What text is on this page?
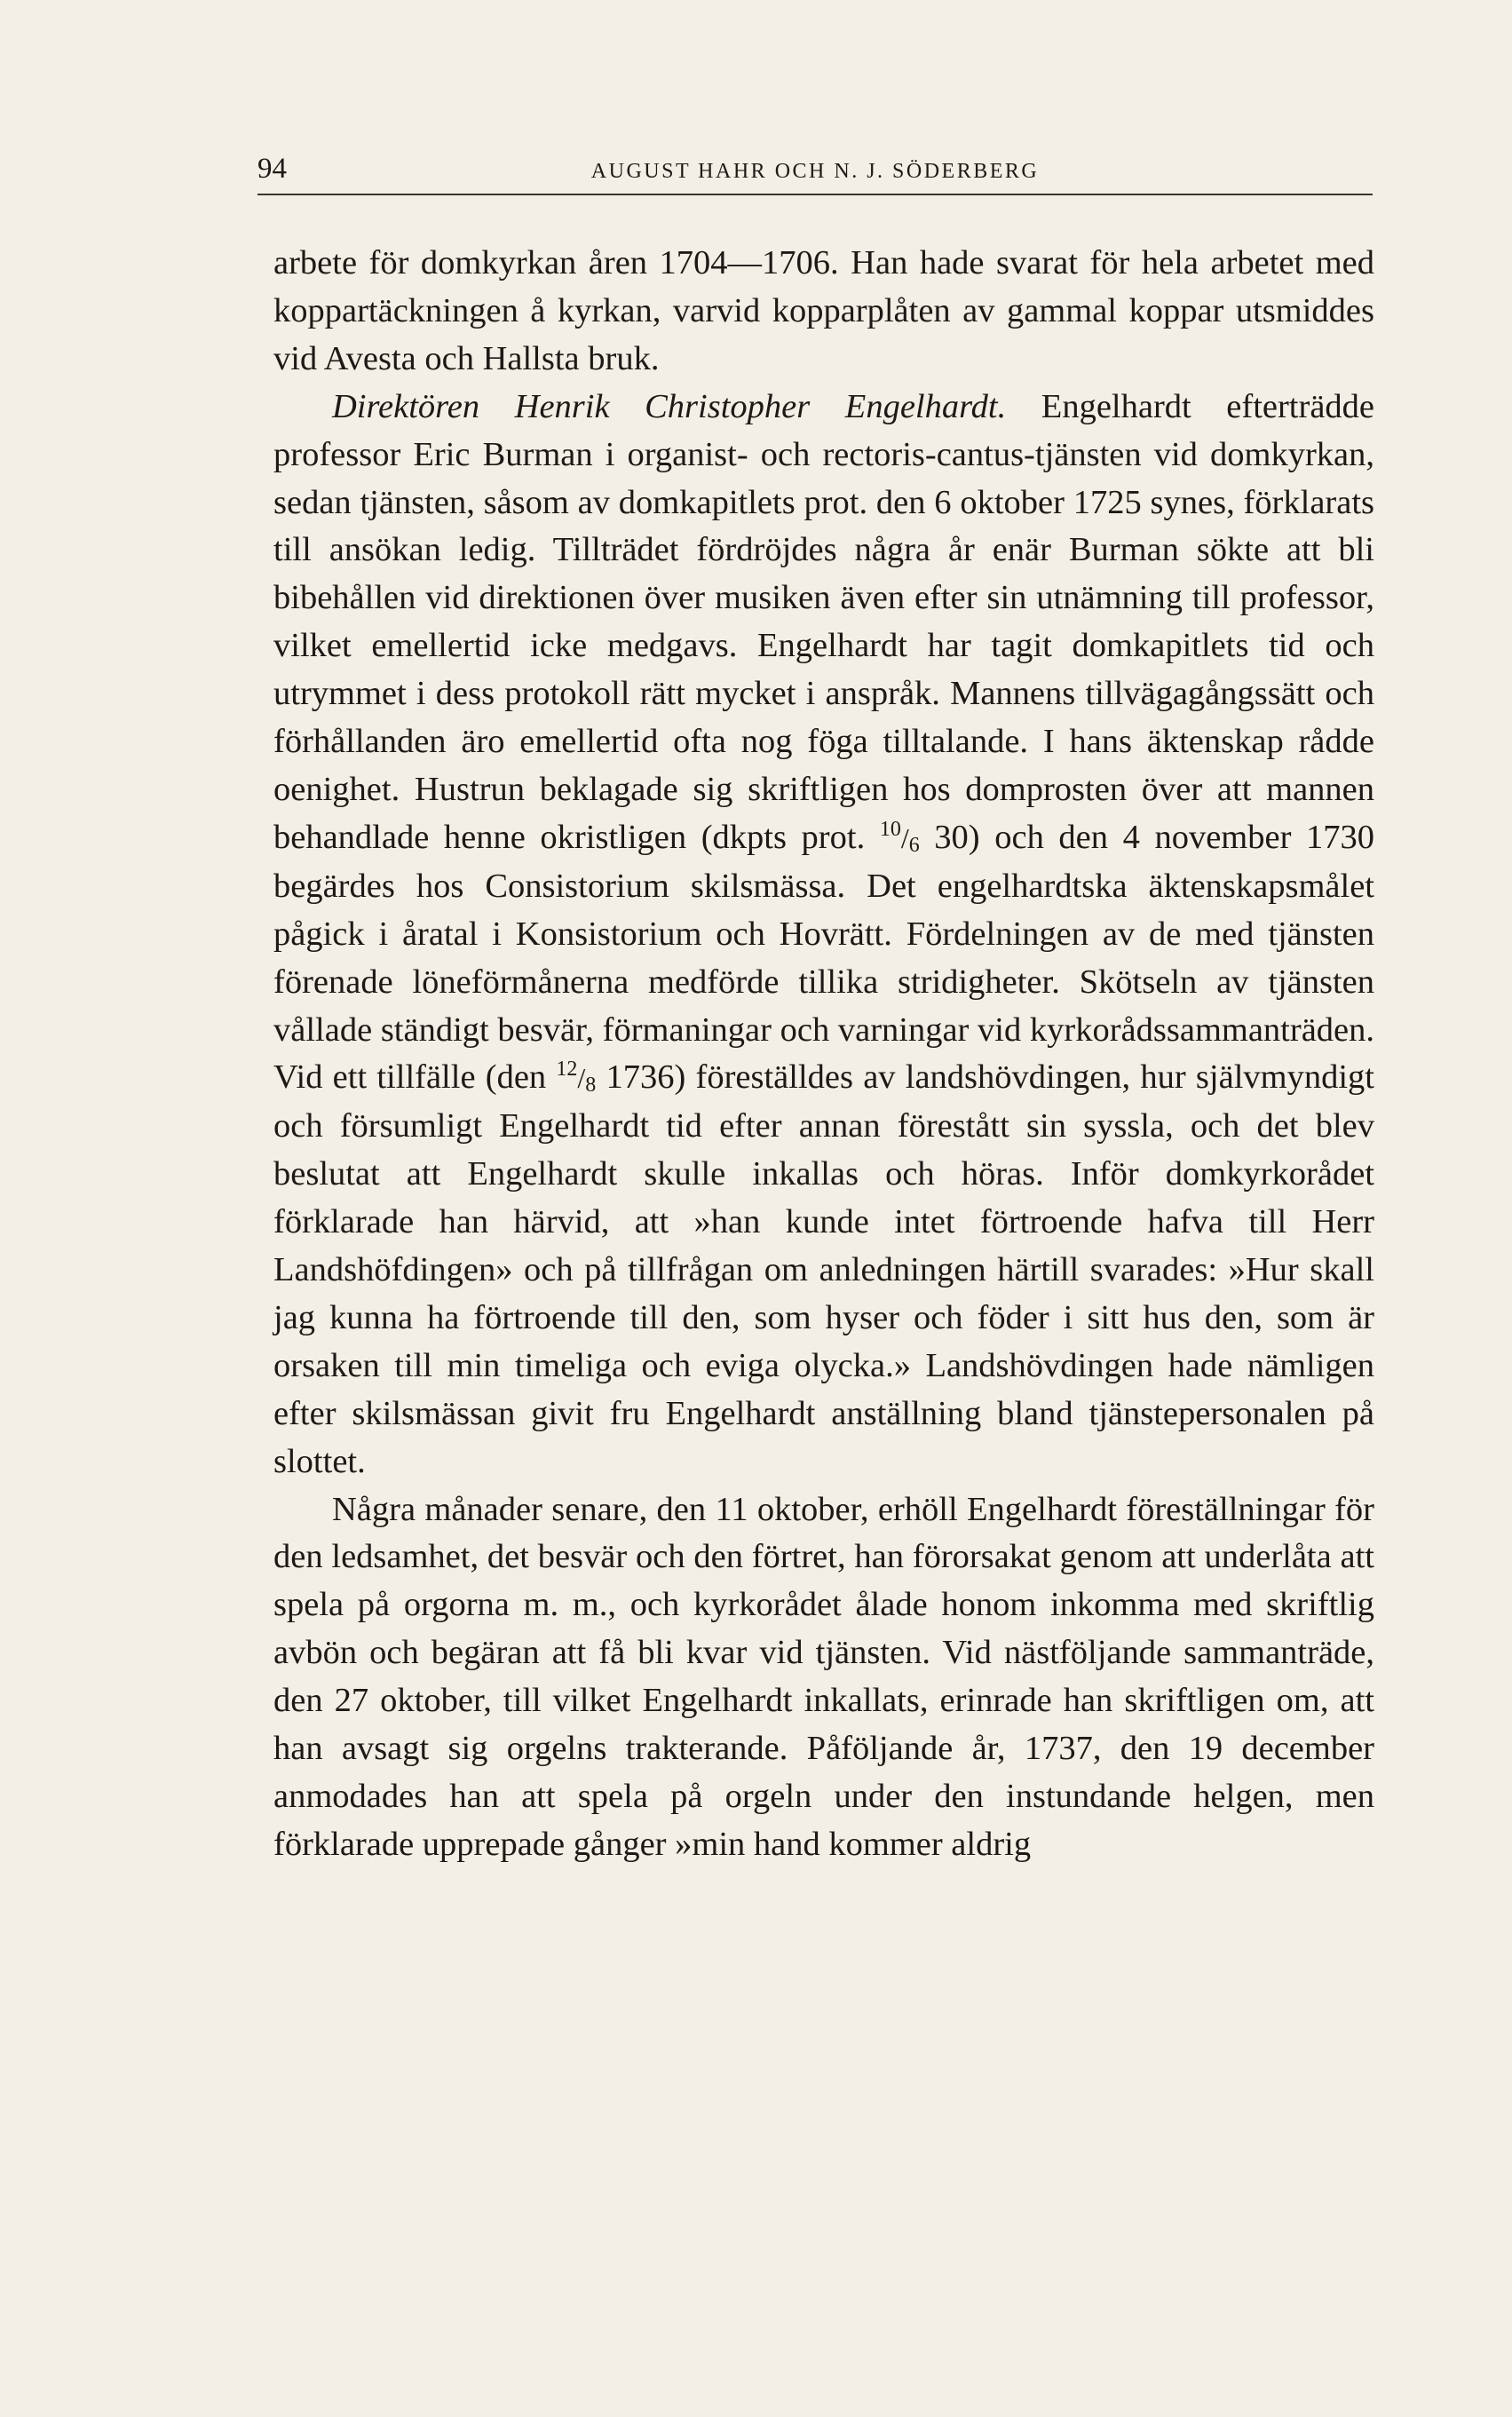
94	AUGUST HAHR OCH N. J. SÖDERBERG

arbete för domkyrkan åren 1704—1706. Han hade svarat för hela arbetet med koppartäckningen å kyrkan, varvid kopparplåten av gammal koppar utsmiddes vid Avesta och Hallsta bruk.

Direktören Henrik Christopher Engelhardt. Engelhardt efterträdde professor Eric Burman i organist- och rectoris-cantus-tjänsten vid domkyrkan, sedan tjänsten, såsom av domkapitlets prot. den 6 oktober 1725 synes, förklarats till ansökan ledig. Tillträdet fördröjdes några år enär Burman sökte att bli bibehållen vid direktionen över musiken även efter sin utnämning till professor, vilket emellertid icke medgavs. Engelhardt har tagit domkapitlets tid och utrymmet i dess protokoll rätt mycket i anspråk. Mannens tillvägagångssätt och förhållanden äro emellertid ofta nog föga tilltalande. I hans äktenskap rådde oenighet. Hustrun beklagade sig skriftligen hos domprosten över att mannen behandlade henne okristligen (dkpts prot. $^{10}$/6 30) och den 4 november 1730 begärdes hos Consistorium skilsmässa. Det engelhardtska äktenskapsmålet pågick i åratal i Konsistorium och Hovrätt. Fördelningen av de med tjänsten förenade löneförmånerna medförde tillika stridigheter. Skötseln av tjänsten vållade ständigt besvär, förmaningar och varningar vid kyrkorådssammanträden. Vid ett tillfälle (den $^{12}$/8 1736) föreställdes av landshövdingen, hur självmyndigt och försumligt Engelhardt tid efter annan förestått sin syssla, och det blev beslutat att Engelhardt skulle inkallas och höras. Inför domkyrkorådet förklarade han härvid, att »han kunde intet förtroende hafva till Herr Landshöfdingen» och på tillfrågan om anledningen härtill svarades: »Hur skall jag kunna ha förtroende till den, som hyser och föder i sitt hus den, som är orsaken till min timeliga och eviga olycka.» Landshövdingen hade nämligen efter skilsmässan givit fru Engelhardt anställning bland tjänstepersonalen på slottet.

Några månader senare, den 11 oktober, erhöll Engelhardt föreställningar för den ledsamhet, det besvär och den förtret, han förorsakat genom att underlåta att spela på orgorna m. m., och kyrkorådet ålade honom inkomma med skriftlig avbön och begäran att få bli kvar vid tjänsten. Vid nästföljande sammanträde, den 27 oktober, till vilket Engelhardt inkallats, erinrade han skriftligen om, att han avsagt sig orgelns trakterande. Påföljande år, 1737, den 19 december anmodades han att spela på orgeln under den instundande helgen, men förklarade upprepade gånger »min hand kommer aldrig
